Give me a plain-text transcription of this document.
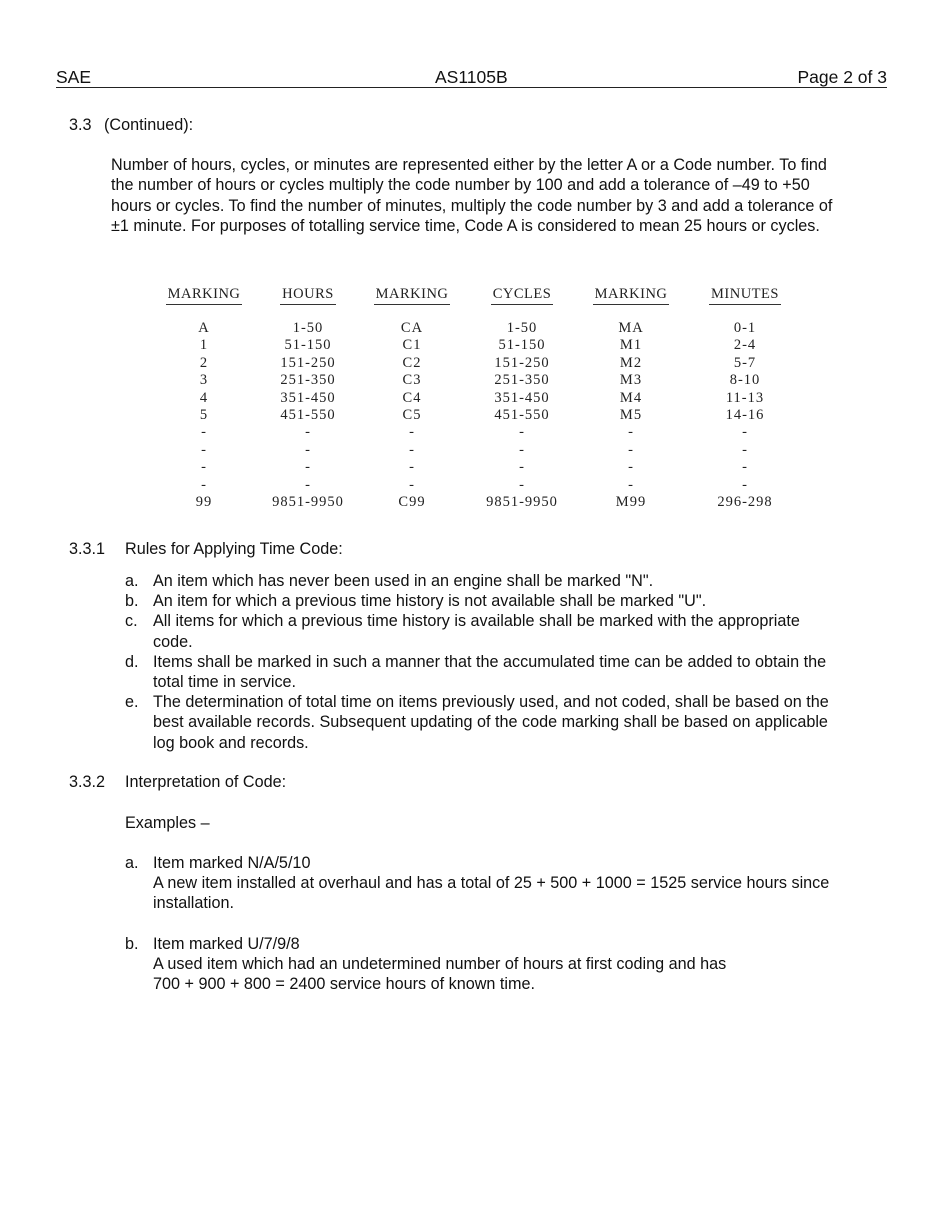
SAE	AS1105B	Page 2 of 3
3.3 (Continued):

Number of hours, cycles, or minutes are represented either by the letter A or a Code number. To find

the number of hours or cycles multiply the code number by 100 and add a tolerance of –49 to +50

hours or cycles. To find the number of minutes, multiply the code number by 3 and add a tolerance of

±1 minute. For purposes of totalling service time, Code A is considered to mean 25 hours or cycles.

MARKING
A
1
2
3
4
5
-
-
-
-
99
HOURS
1-50
51-150
151-250
251-350
351-450
451-550
-
-
-
-
9851-9950
MARKING
CA
C1
C2
C3
C4
C5
-
-
-
-
C99
CYCLES
1-50
51-150
151-250
251-350
351-450
451-550
-
-
-
-
9851-9950
MARKING
MA
M1
M2
M3
M4
M5
-
-
-
-
M99
MINUTES
0-1
2-4
5-7
8-10
11-13
14-16
-
-
-
-
296-298
3.3.1 Rules for Applying Time Code:
a. An item which has never been used in an engine shall be marked "N".
b. An item for which a previous time history is not available shall be marked "U".
c. All items for which a previous time history is available shall be marked with the appropriate
code.
d. Items shall be marked in such a manner that the accumulated time can be added to obtain the
total time in service.
e. The determination of total time on items previously used, and not coded, shall be based on the
best available records. Subsequent updating of the code marking shall be based on applicable
log book and records.
3.3.2 Interpretation of Code:
Examples –
a. Item marked N/A/5/10
A new item installed at overhaul and has a total of 25 + 500 + 1000 = 1525 service hours since
installation.
b. Item marked U/7/9/8
A used item which had an undetermined number of hours at first coding and has
700 + 900 + 800 = 2400 service hours of known time.
